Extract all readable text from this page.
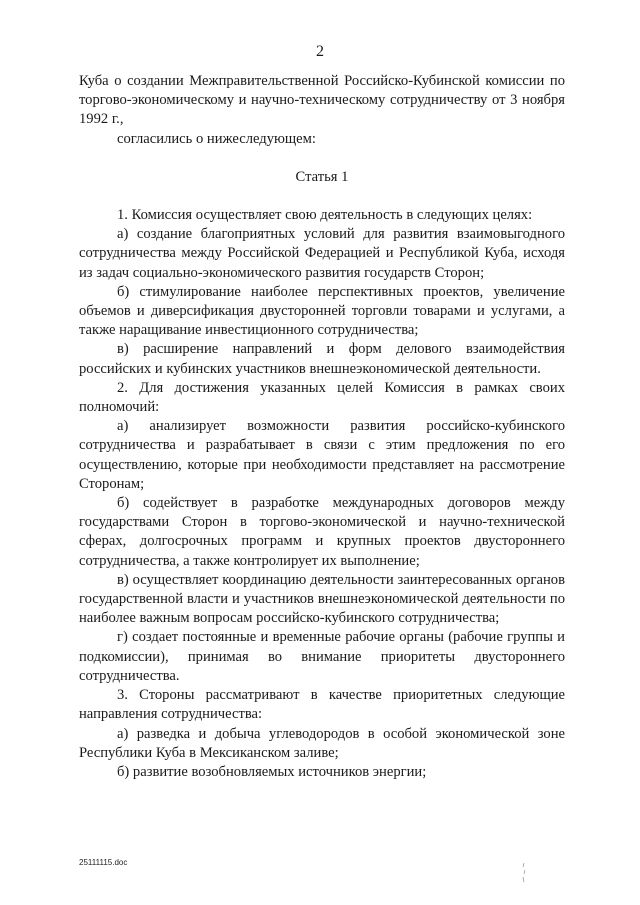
2

Куба о создании Межправительственной Российско-Кубинской комиссии по торгово-экономическому и научно-техническому сотрудничеству от 3 ноября 1992 г.,

согласились о нижеследующем:

Статья 1

1. Комиссия осуществляет свою деятельность в следующих целях:

а) создание благоприятных условий для развития взаимовыгодного сотрудничества между Российской Федерацией и Республикой Куба, исходя из задач социально-экономического развития государств Сторон;

б) стимулирование наиболее перспективных проектов, увеличение объемов и диверсификация двусторонней торговли товарами и услугами, а также наращивание инвестиционного сотрудничества;

в) расширение направлений и форм делового взаимодействия российских и кубинских участников внешнеэкономической деятельности.

2. Для достижения указанных целей Комиссия в рамках своих полномочий:

а) анализирует возможности развития российско-кубинского сотрудничества и разрабатывает в связи с этим предложения по его осуществлению, которые при необходимости представляет на рассмотрение Сторонам;

б) содействует в разработке международных договоров между государствами Сторон в торгово-экономической и научно-технической сферах, долгосрочных программ и крупных проектов двустороннего сотрудничества, а также контролирует их выполнение;

в) осуществляет координацию деятельности заинтересованных органов государственной власти и участников внешнеэкономической деятельности по наиболее важным вопросам российско-кубинского сотрудничества;

г) создает постоянные и временные рабочие органы (рабочие группы и подкомиссии), принимая во внимание приоритеты двустороннего сотрудничества.

3. Стороны рассматривают в качестве приоритетных следующие направления сотрудничества:

а) разведка и добыча углеводородов в особой экономической зоне Республики Куба в Мексиканском заливе;

б) развитие возобновляемых источников энергии;

25111115.doc
